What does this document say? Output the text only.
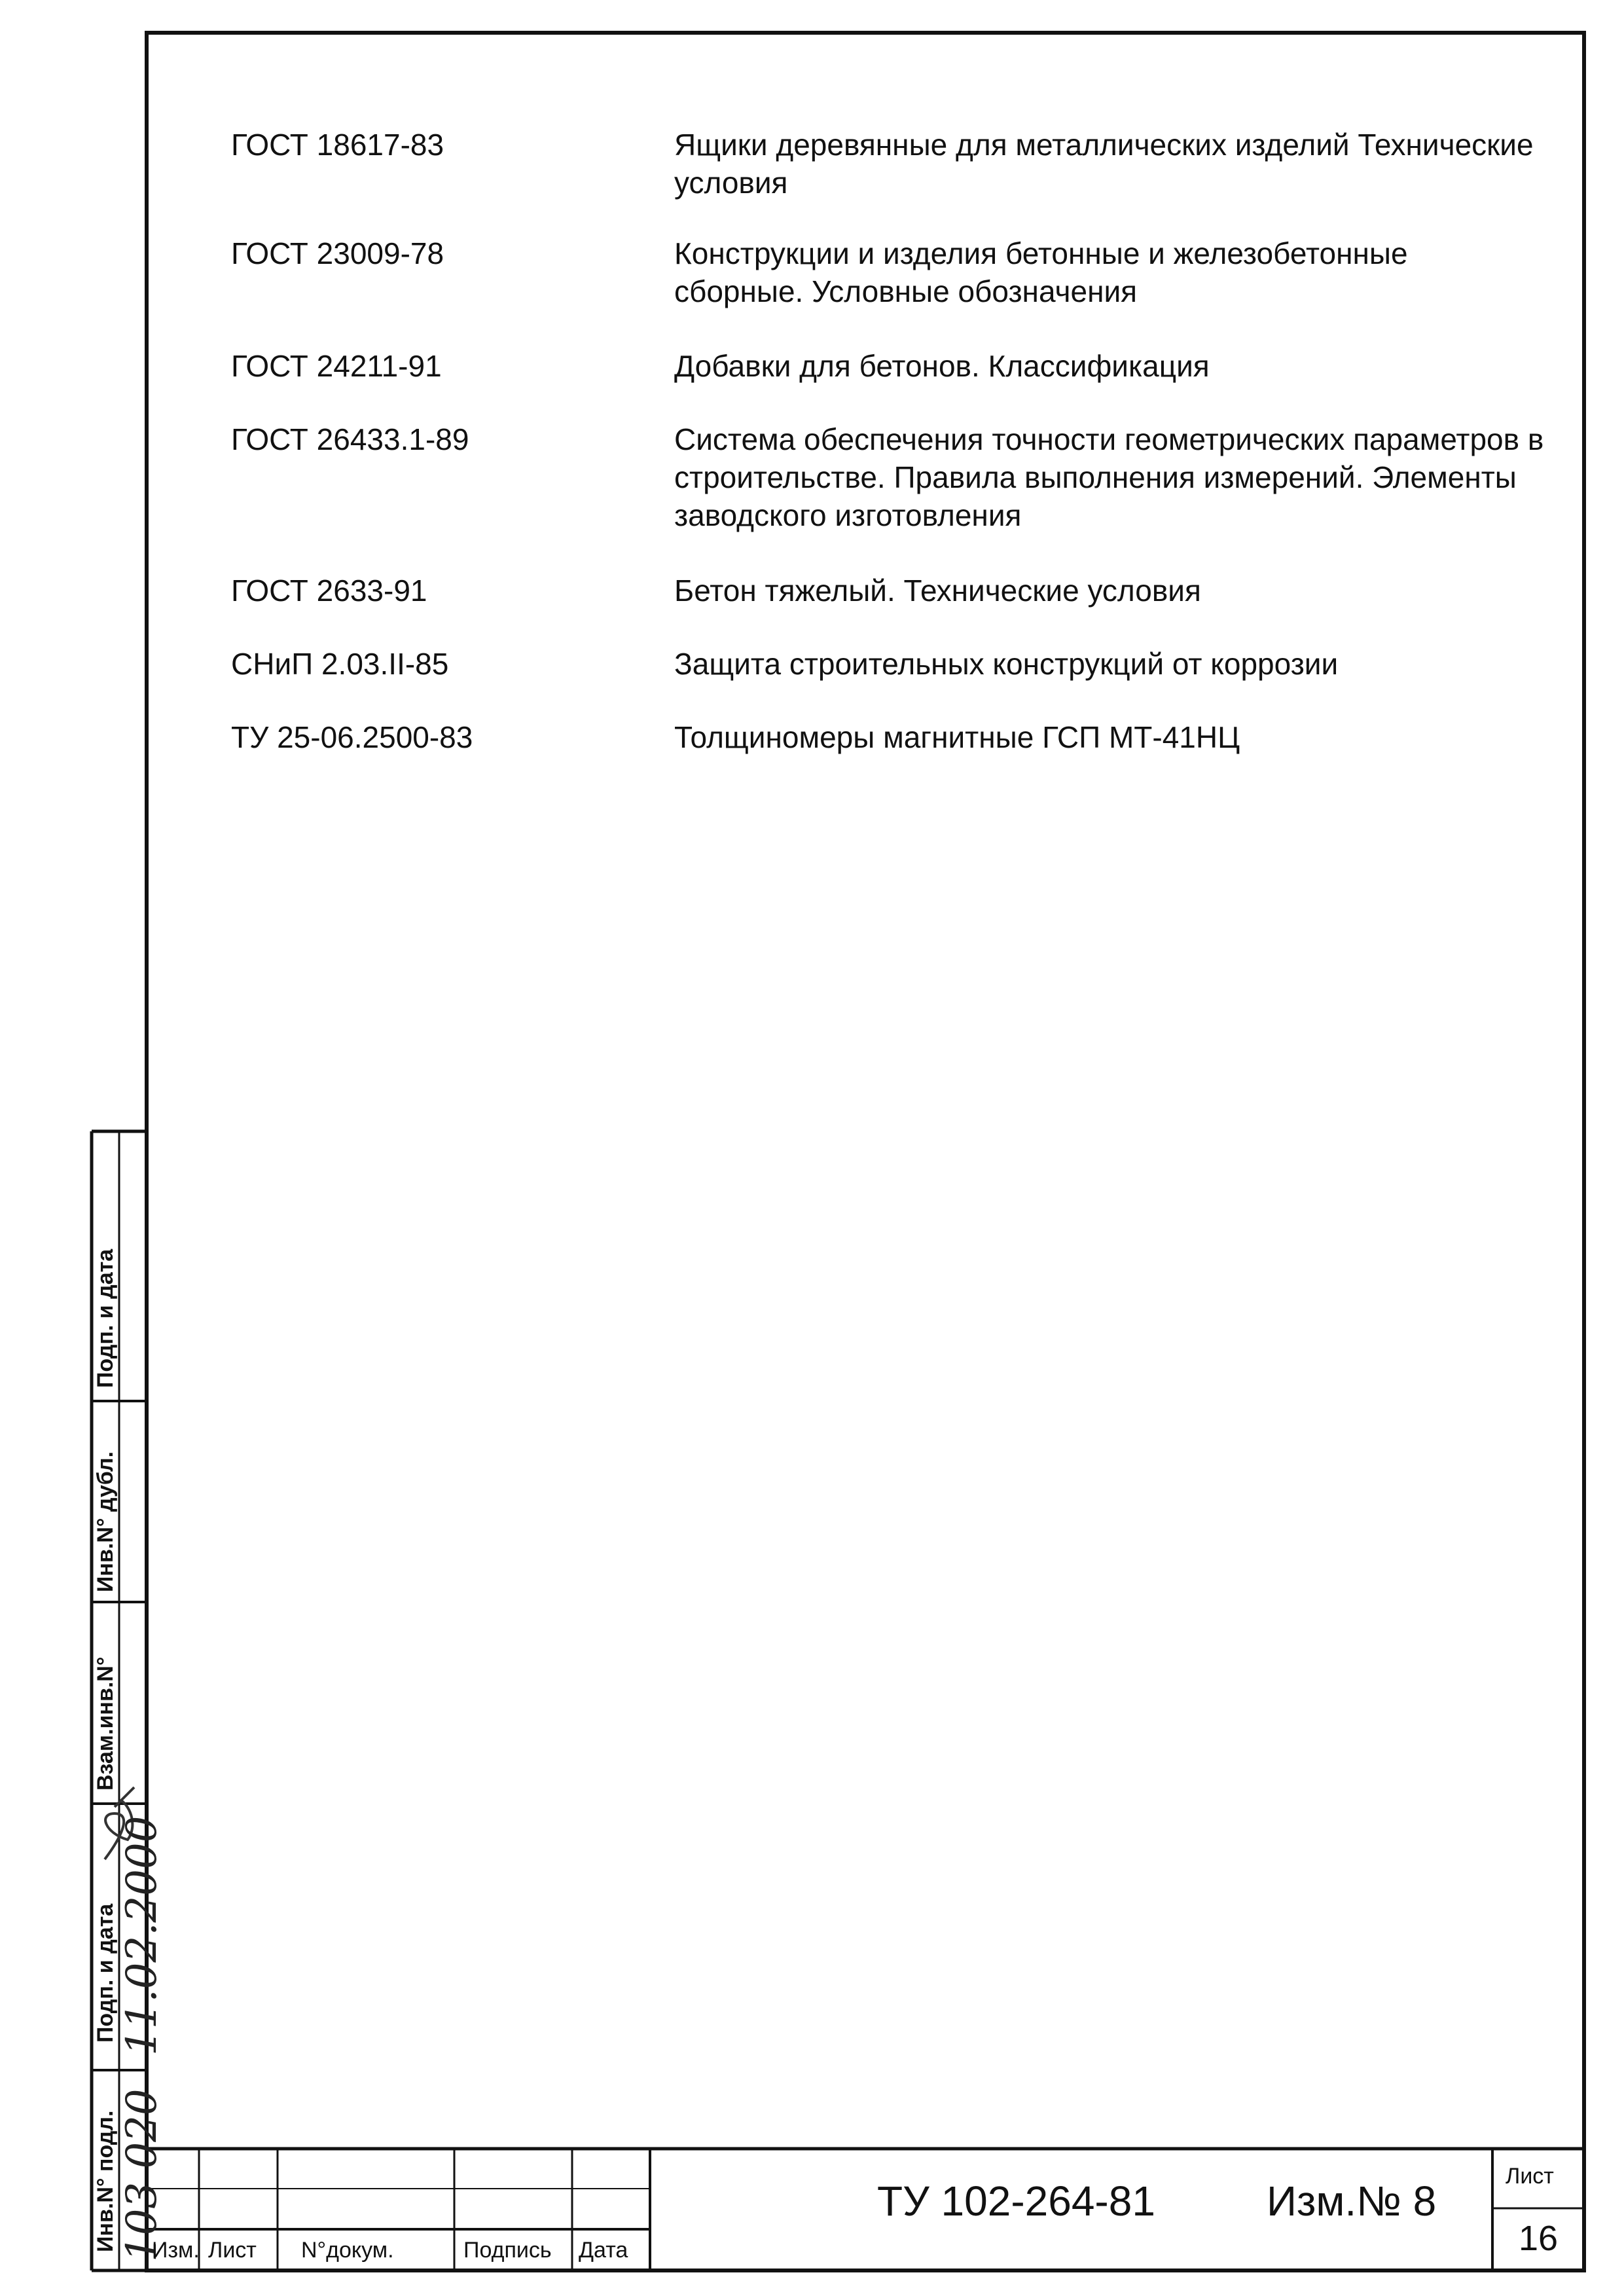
ГОСТ 18617-83	Ящики деревянные для металлических изделий Технические условия
ГОСТ 23009-78	Конструкции и изделия бетонные и железобетонные сборные. Условные обозначения
ГОСТ 24211-91	Добавки для бетонов. Классификация
ГОСТ 26433.1-89	Система обеспечения точности геометрических параметров в строительстве. Правила выполнения измерений. Элементы заводского изготовления
ГОСТ 2633-91	Бетон тяжелый. Технические условия
СНиП 2.03.II-85	Защита строительных конструкций от коррозии
ТУ 25-06.2500-83	Толщиномеры магнитные ГСП МТ-41НЦ
Инв.N° подл.
Подп. и дата
Взам.инв.N°
Инв.N° дубл.
Подп. и дата
103 020
11.02.2000
Изм. Лист N°докум.	Подпись Дата
ТУ 102-264-81	Изм.№ 8
Лист
16
